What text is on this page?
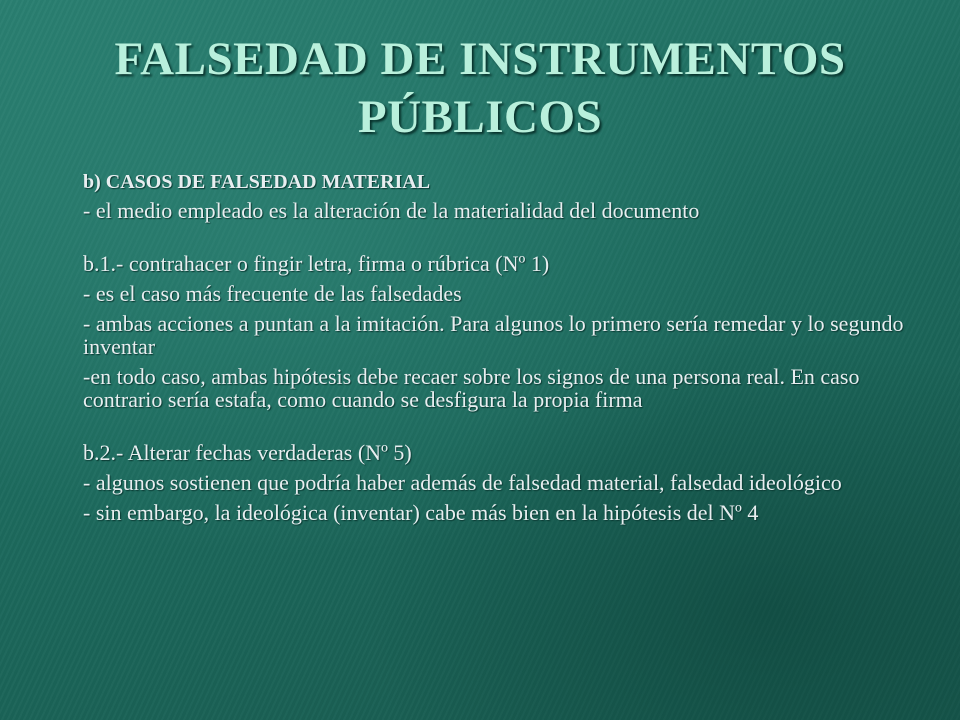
FALSEDAD DE INSTRUMENTOS PÚBLICOS

b) CASOS DE FALSEDAD MATERIAL

- el medio empleado es la alteración de la materialidad del documento

b.1.- contrahacer o fingir letra, firma o rúbrica (Nº 1)

- es el caso más frecuente de las falsedades

- ambas acciones a puntan a la imitación. Para algunos lo primero sería remedar y lo segundo inventar

-en todo caso, ambas hipótesis debe recaer sobre los signos de una persona real. En caso contrario sería estafa, como cuando se desfigura la propia firma

b.2.- Alterar fechas verdaderas (Nº 5)

- algunos sostienen que podría haber además de falsedad material, falsedad ideológico

- sin embargo, la ideológica (inventar) cabe más bien en la hipótesis del Nº 4
